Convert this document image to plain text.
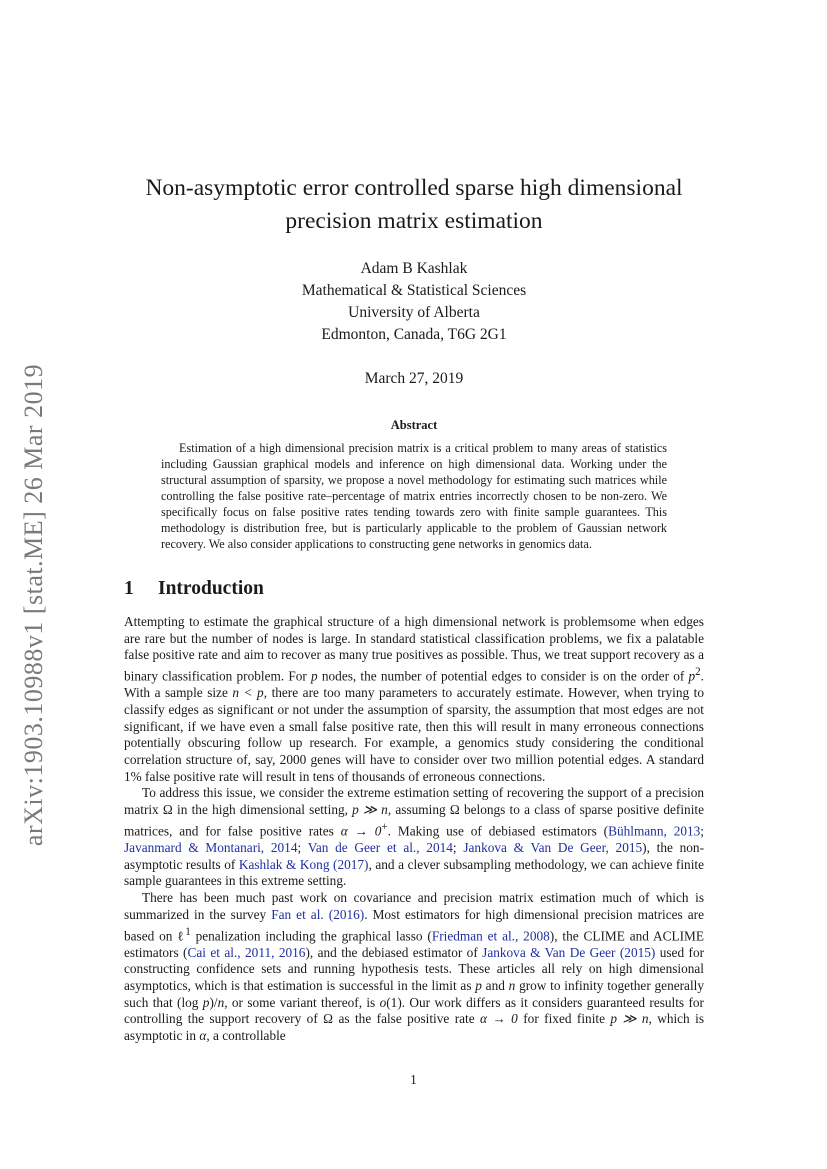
arXiv:1903.10988v1 [stat.ME] 26 Mar 2019
Non-asymptotic error controlled sparse high dimensional
precision matrix estimation
Adam B Kashlak
Mathematical & Statistical Sciences
University of Alberta
Edmonton, Canada, T6G 2G1
March 27, 2019
Abstract
Estimation of a high dimensional precision matrix is a critical problem to many areas of statistics including Gaussian graphical models and inference on high dimensional data. Working under the structural assumption of sparsity, we propose a novel methodology for estimating such matrices while controlling the false positive rate–percentage of matrix entries incorrectly chosen to be non-zero. We specifically focus on false positive rates tending towards zero with finite sample guarantees. This methodology is distribution free, but is particularly applicable to the problem of Gaussian network recovery. We also consider applications to constructing gene networks in genomics data.
1	Introduction

Attempting to estimate the graphical structure of a high dimensional network is problemsome when edges are rare but the number of nodes is large. In standard statistical classification problems, we fix a palatable false positive rate and aim to recover as many true positives as possible. Thus, we treat support recovery as a binary classification problem. For p nodes, the number of potential edges to consider is on the order of $p^2$. With a sample size n < p, there are too many parameters to accurately estimate. However, when trying to classify edges as significant or not under the assumption of sparsity, the assumption that most edges are not significant, if we have even a small false positive rate, then this will result in many erroneous connections potentially obscuring follow up research. For example, a genomics study considering the conditional correlation structure of, say, 2000 genes will have to consider over two million potential edges. A standard 1% false positive rate will result in tens of thousands of erroneous connections.

To address this issue, we consider the extreme estimation setting of recovering the support of a precision matrix Ω in the high dimensional setting, p ≫ n, assuming Ω belongs to a class of sparse positive definite matrices, and for false positive rates α → 0+. Making use of debiased estimators (Bühlmann, 2013; Javanmard & Montanari, 2014; Van de Geer et al., 2014; Jankova & Van De Geer, 2015), the non-asymptotic results of Kashlak & Kong (2017), and a clever subsampling methodology, we can achieve finite sample guarantees in this extreme setting.

There has been much past work on covariance and precision matrix estimation much of which is summarized in the survey Fan et al. (2016). Most estimators for high dimensional precision matrices are based on ℓ$^1$ penalization including the graphical lasso (Friedman et al., 2008), the CLIME and ACLIME estimators (Cai et al., 2011, 2016), and the debiased estimator of Jankova & Van De Geer (2015) used for constructing confidence sets and running hypothesis tests. These articles all rely on high dimensional asymptotics, which is that estimation is successful in the limit as p and n grow to infinity together generally such that (log p)/n, or some variant thereof, is o(1). Our work differs as it considers guaranteed results for controlling the support recovery of Ω as the false positive rate α → 0 for fixed finite p ≫ n, which is asymptotic in α, a controllable

1
